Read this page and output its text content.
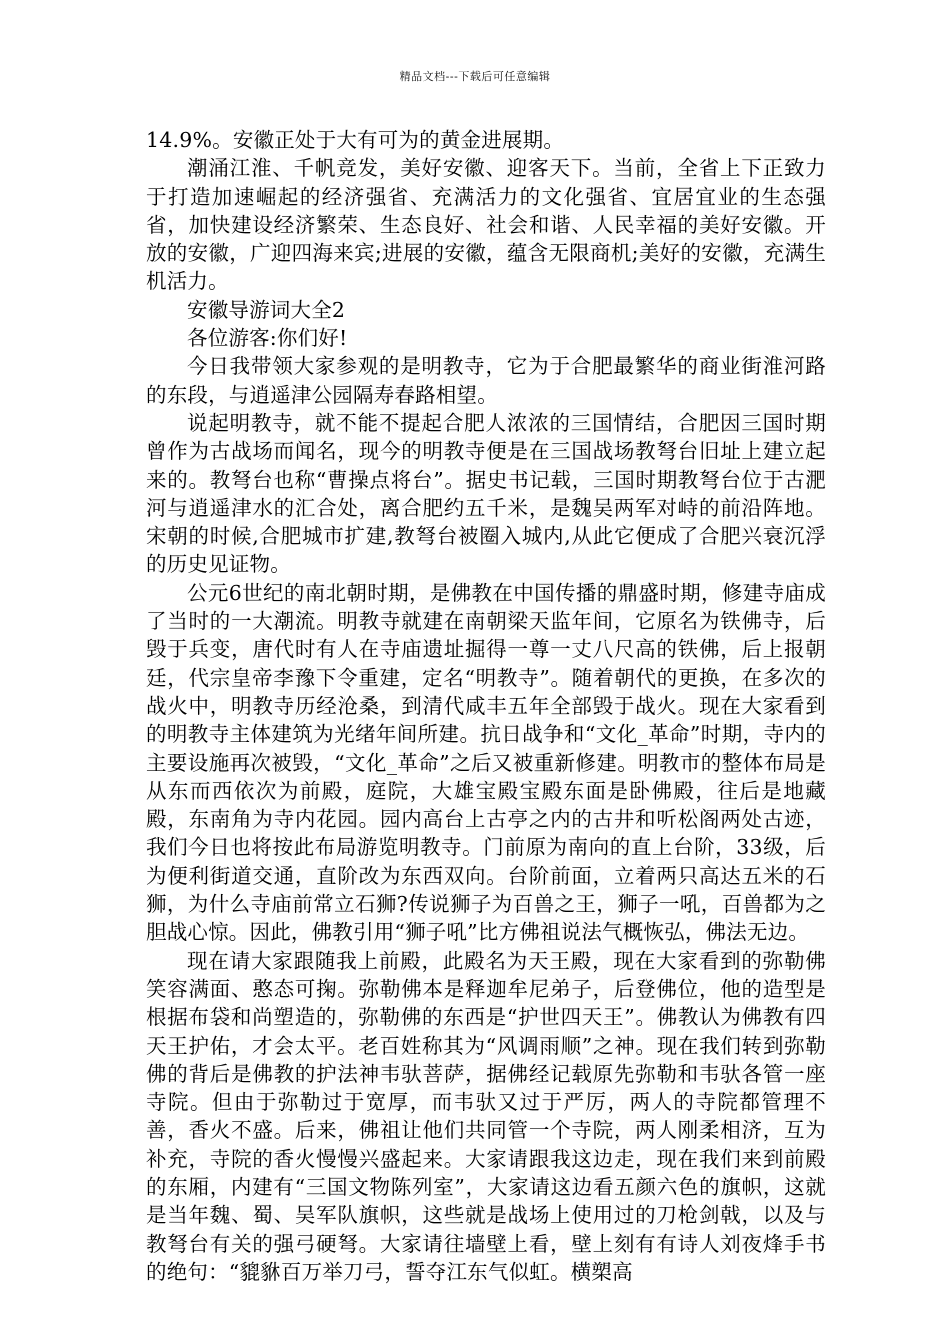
精品文档---下载后可任意编辑

14.9%。安徽正处于大有可为的黄金进展期。

潮涌江淮、千帆竞发，美好安徽、迎客天下。当前，全省上下正致力于打造加速崛起的经济强省、充满活力的文化强省、宜居宜业的生态强省，加快建设经济繁荣、生态良好、社会和谐、人民幸福的美好安徽。开放的安徽，广迎四海来宾;进展的安徽，蕴含无限商机;美好的安徽，充满生机活力。

安徽导游词大全2

各位游客:你们好!

今日我带领大家参观的是明教寺，它为于合肥最繁华的商业街淮河路的东段，与逍遥津公园隔寿春路相望。

说起明教寺，就不能不提起合肥人浓浓的三国情结，合肥因三国时期曾作为古战场而闻名，现今的明教寺便是在三国战场教弩台旧址上建立起来的。教弩台也称“曹操点将台”。据史书记载，三国时期教弩台位于古淝河与逍遥津水的汇合处，离合肥约五千米，是魏吴两军对峙的前沿阵地。宋朝的时候,合肥城市扩建,教弩台被圈入城内,从此它便成了合肥兴衰沉浮的历史见证物。

公元6世纪的南北朝时期，是佛教在中国传播的鼎盛时期，修建寺庙成了当时的一大潮流。明教寺就建在南朝梁天监年间，它原名为铁佛寺，后毁于兵变，唐代时有人在寺庙遗址掘得一尊一丈八尺高的铁佛，后上报朝廷，代宗皇帝李豫下令重建，定名“明教寺”。随着朝代的更换，在多次的战火中，明教寺历经沧桑，到清代咸丰五年全部毁于战火。现在大家看到的明教寺主体建筑为光绪年间所建。抗日战争和“文化_革命”时期，寺内的主要设施再次被毁，“文化_革命”之后又被重新修建。明教市的整体布局是从东而西依次为前殿，庭院，大雄宝殿宝殿东面是卧佛殿，往后是地藏殿，东南角为寺内花园。园内高台上古亭之内的古井和听松阁两处古迹，我们今日也将按此布局游览明教寺。门前原为南向的直上台阶，33级，后为便利街道交通，直阶改为东西双向。台阶前面，立着两只高达五米的石狮，为什么寺庙前常立石狮?传说狮子为百兽之王，狮子一吼，百兽都为之胆战心惊。因此，佛教引用“狮子吼”比方佛祖说法气概恢弘，佛法无边。

现在请大家跟随我上前殿，此殿名为天王殿，现在大家看到的弥勒佛笑容满面、憨态可掬。弥勒佛本是释迦牟尼弟子，后登佛位，他的造型是根据布袋和尚塑造的，弥勒佛的东西是“护世四天王”。佛教认为佛教有四天王护佑，才会太平。老百姓称其为“风调雨顺”之神。现在我们转到弥勒佛的背后是佛教的护法神韦驮菩萨，据佛经记载原先弥勒和韦驮各管一座寺院。但由于弥勒过于宽厚，而韦驮又过于严厉，两人的寺院都管理不善，香火不盛。后来，佛祖让他们共同管一个寺院，两人刚柔相济，互为补充，寺院的香火慢慢兴盛起来。大家请跟我这边走，现在我们来到前殿的东厢，内建有“三国文物陈列室”，大家请这边看五颜六色的旗帜，这就是当年魏、蜀、吴军队旗帜，这些就是战场上使用过的刀枪剑戟，以及与教弩台有关的强弓硬弩。大家请往墙壁上看，壁上刻有有诗人刘夜烽手书的绝句：“貔貅百万举刀弓，誓夺江东气似虹。横槊高
